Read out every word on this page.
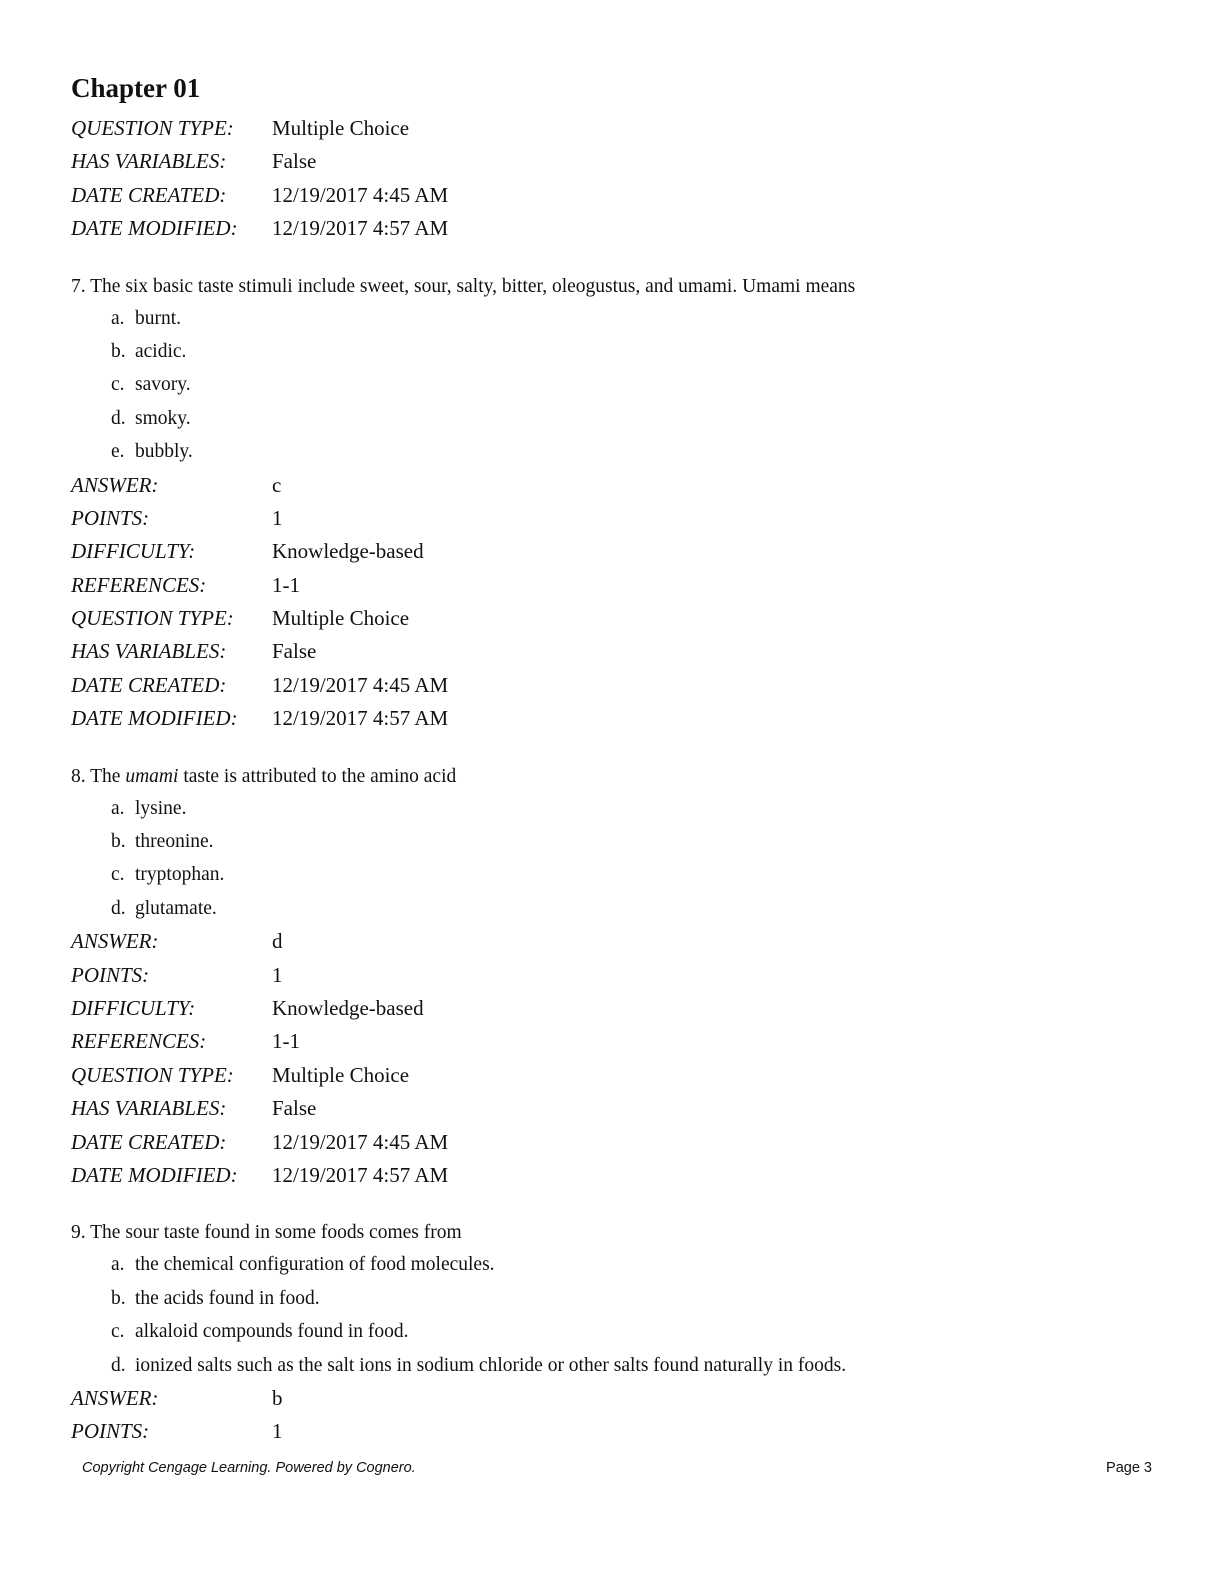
Chapter 01
QUESTION TYPE: Multiple Choice
HAS VARIABLES: False
DATE CREATED: 12/19/2017 4:45 AM
DATE MODIFIED: 12/19/2017 4:57 AM
7. The six basic taste stimuli include sweet, sour, salty, bitter, oleogustus, and umami. Umami means
a. burnt.
b. acidic.
c. savory.
d. smoky.
e. bubbly.
ANSWER:	c
POINTS:	1
DIFFICULTY:	Knowledge-based
REFERENCES:	1-1
QUESTION TYPE: Multiple Choice
HAS VARIABLES: False
DATE CREATED: 12/19/2017 4:45 AM
DATE MODIFIED: 12/19/2017 4:57 AM
8. The umami taste is attributed to the amino acid
a. lysine.
b. threonine.
c. tryptophan.
d. glutamate.
ANSWER:	d
POINTS:	1
DIFFICULTY:	Knowledge-based
REFERENCES:	1-1
QUESTION TYPE: Multiple Choice
HAS VARIABLES: False
DATE CREATED: 12/19/2017 4:45 AM
DATE MODIFIED: 12/19/2017 4:57 AM
9. The sour taste found in some foods comes from
a. the chemical configuration of food molecules.
b. the acids found in food.
c. alkaloid compounds found in food.
d. ionized salts such as the salt ions in sodium chloride or other salts found naturally in foods.
ANSWER:	b
POINTS:	1
Copyright Cengage Learning. Powered by Cognero.	Page 3
